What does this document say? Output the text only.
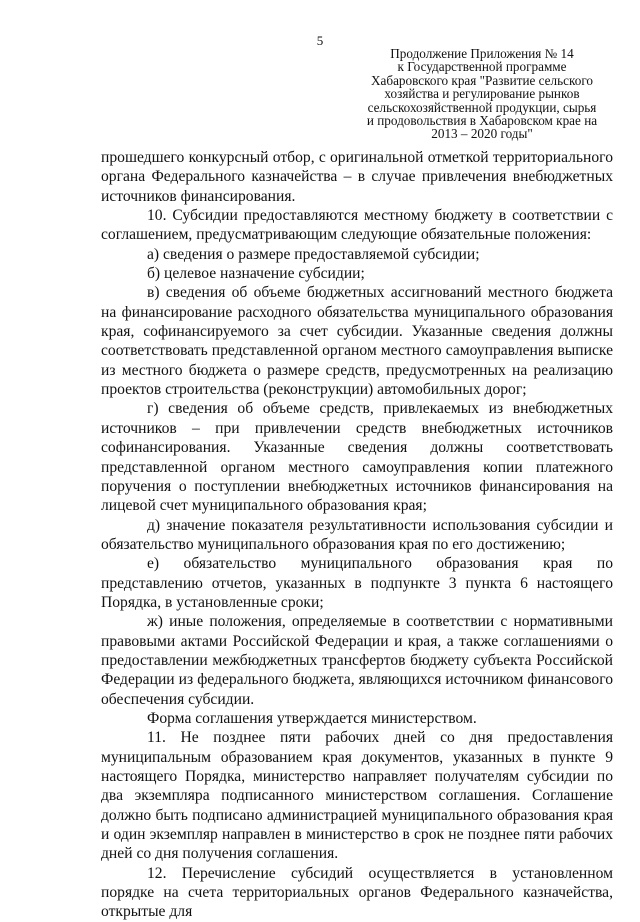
5
Продолжение Приложения № 14
к Государственной программе
Хабаровского края "Развитие сельского
хозяйства и регулирование рынков
сельскохозяйственной продукции, сырья
и продовольствия в Хабаровском крае на
2013 – 2020 годы"

прошедшего конкурсный отбор, с оригинальной отметкой территориального органа Федерального казначейства – в случае привлечения внебюджетных источников финансирования.

10. Субсидии предоставляются местному бюджету в соответствии с соглашением, предусматривающим следующие обязательные положения:

а) сведения о размере предоставляемой субсидии;

б) целевое назначение субсидии;

в) сведения об объеме бюджетных ассигнований местного бюджета на финансирование расходного обязательства муниципального образования края, софинансируемого за счет субсидии. Указанные сведения должны соответствовать представленной органом местного самоуправления выписке из местного бюджета о размере средств, предусмотренных на реализацию проектов строительства (реконструкции) автомобильных дорог;

г) сведения об объеме средств, привлекаемых из внебюджетных источников – при привлечении средств внебюджетных источников софинансирования. Указанные сведения должны соответствовать представленной органом местного самоуправления копии платежного поручения о поступлении внебюджетных источников финансирования на лицевой счет муниципального образования края;

д) значение показателя результативности использования субсидии и обязательство муниципального образования края по его достижению;

е) обязательство муниципального образования края по представлению отчетов, указанных в подпункте 3 пункта 6 настоящего Порядка, в установленные сроки;

ж) иные положения, определяемые в соответствии с нормативными правовыми актами Российской Федерации и края, а также соглашениями о предоставлении межбюджетных трансфертов бюджету субъекта Российской Федерации из федерального бюджета, являющихся источником финансового обеспечения субсидии.

Форма соглашения утверждается министерством.

11. Не позднее пяти рабочих дней со дня предоставления муниципальным образованием края документов, указанных в пункте 9 настоящего Порядка, министерство направляет получателям субсидии по два экземпляра подписанного министерством соглашения. Соглашение должно быть подписано администрацией муниципального образования края и один экземпляр направлен в министерство в срок не позднее пяти рабочих дней со дня получения соглашения.

12. Перечисление субсидий осуществляется в установленном порядке на счета территориальных органов Федерального казначейства, открытые для
